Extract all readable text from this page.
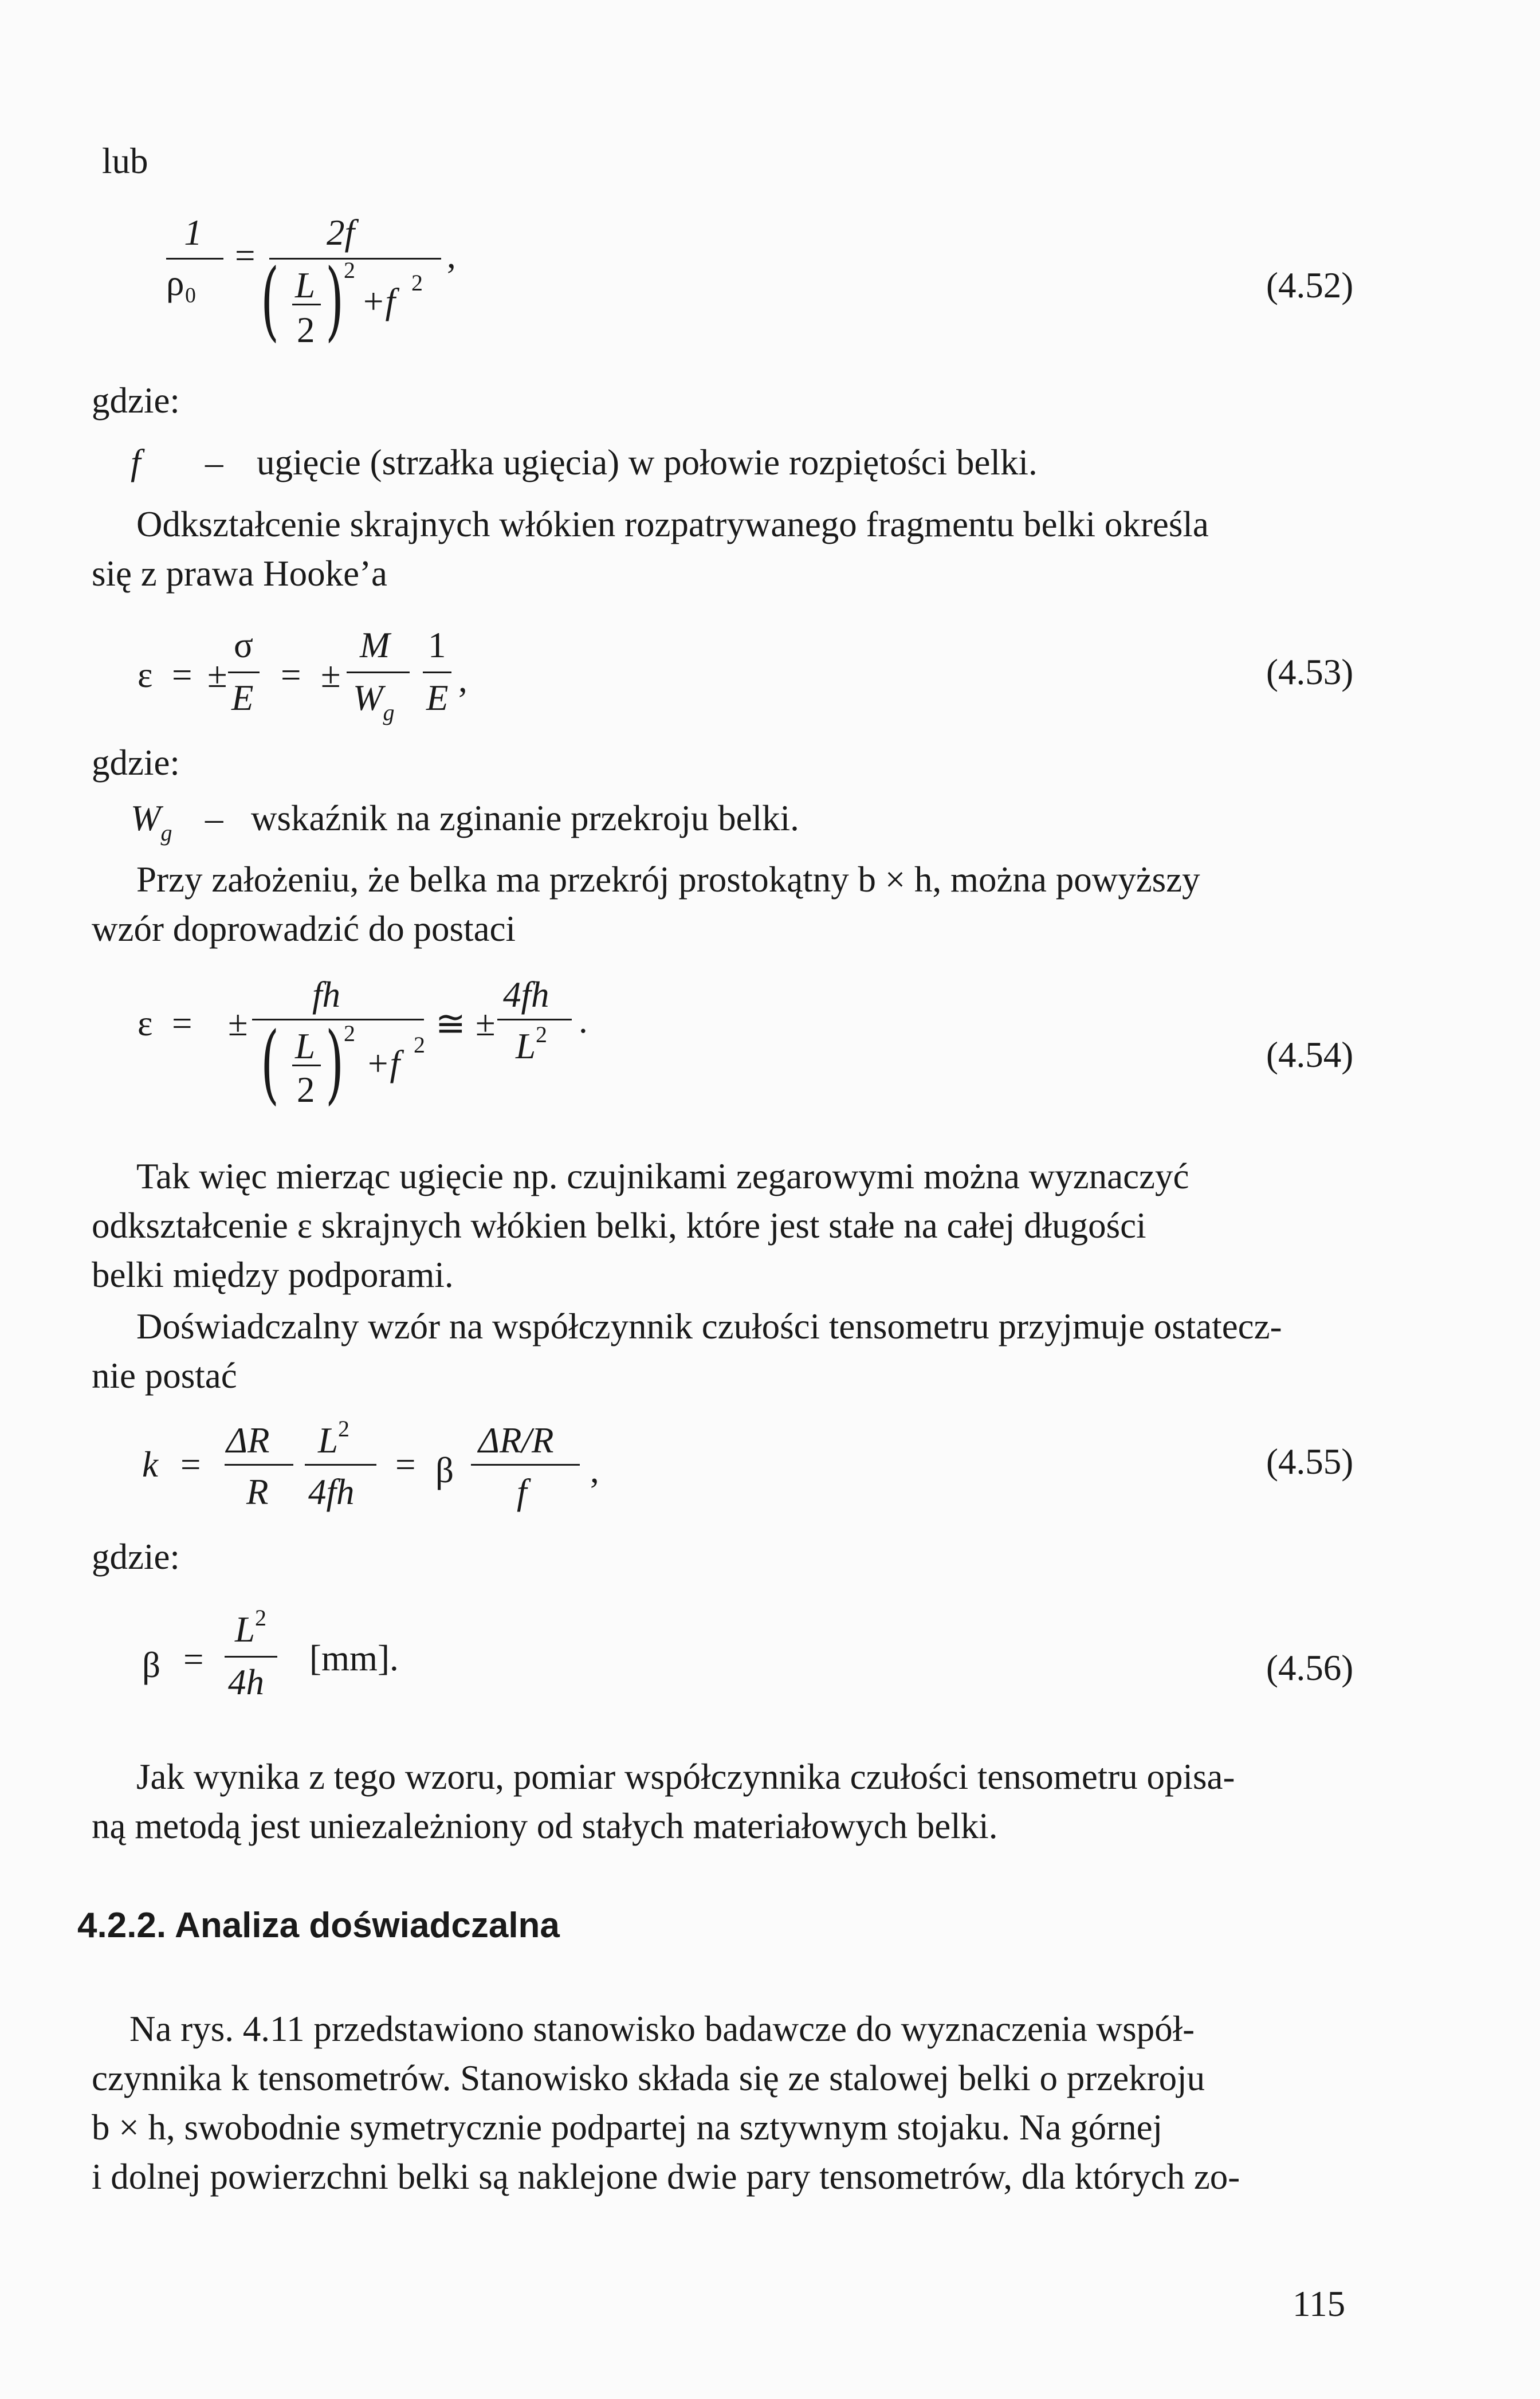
lub
1
ρ₀
=
2f
,
( L
2 ) 2
+f 2	(4.52)
gdzie:
f – ugięcie (strzałka ugięcia) w połowie rozpiętości belki.
Odkształcenie skrajnych włókien rozpatrywanego fragmentu belki określa
się z prawa Hooke’a
ε = ±
σ
E
= ±
M
$W_g$
1
E ,	(4.53)
gdzie:
$W_g$ – wskaźnik na zginanie przekroju belki.
Przy założeniu, że belka ma przekrój prostokątny b × h, można powyższy
wzór doprowadzić do postaci
ε = ±
fh
( L
2 ) 2
+f 2
≅ ±
4fh
$L^2$ .
(4.54)
Tak więc mierząc ugięcie np. czujnikami zegarowymi można wyznaczyć
odkształcenie ε skrajnych włókien belki, które jest stałe na całej długości
belki między podporami.
Doświadczalny wzór na współczynnik czułości tensometru przyjmuje ostatecz-
nie postać
k =
ΔR
R
$L^2$
4fh
= β
ΔR/R
f
,	(4.55)
gdzie:
β =
$L^2$
4h
[mm].	(4.56)
Jak wynika z tego wzoru, pomiar współczynnika czułości tensometru opisa-
ną metodą jest uniezależniony od stałych materiałowych belki.
4.2.2. Analiza doświadczalna
Na rys. 4.11 przedstawiono stanowisko badawcze do wyznaczenia współ-
czynnika k tensometrów. Stanowisko składa się ze stalowej belki o przekroju
b × h, swobodnie symetrycznie podpartej na sztywnym stojaku. Na górnej
i dolnej powierzchni belki są naklejone dwie pary tensometrów, dla których zo-
115
